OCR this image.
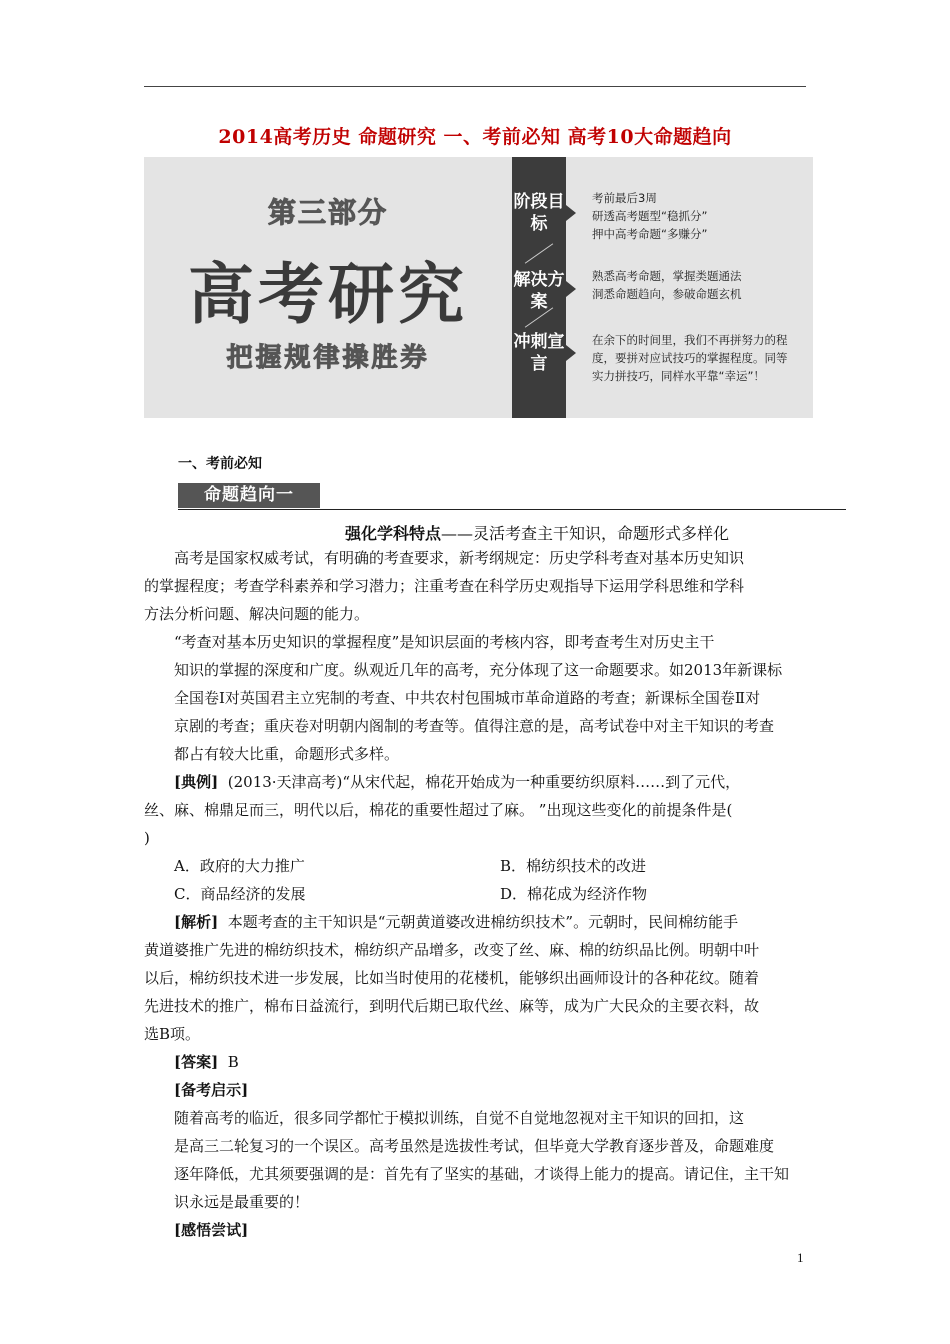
2014高考历史 命题研究 一、考前必知 高考10大命题趋向
第三部分
高考研究
把握规律操胜券
阶段目标
解决方案
冲刺宣言
考前最后3周
研透高考题型“稳抓分”
押中高考命题“多赚分”
熟悉高考命题，掌握类题通法
洞悉命题趋向，参破命题玄机
在余下的时间里，我们不再拼努力的程
度，要拼对应试技巧的掌握程度。同等
实力拼技巧，同样水平靠“幸运”！
一、考前必知
命题趋向一
强化学科特点——灵活考查主干知识，命题形式多样化

高考是国家权威考试，有明确的考查要求，新考纲规定：历史学科考查对基本历史知识
的掌握程度；考查学科素养和学习潜力；注重考查在科学历史观指导下运用学科思维和学科
方法分析问题、解决问题的能力。

“考查对基本历史知识的掌握程度”是知识层面的考核内容，即考查考生对历史主干
知识的掌握的深度和广度。纵观近几年的高考，充分体现了这一命题要求。如2013年新课标
全国卷Ⅰ对英国君主立宪制的考查、中共农村包围城市革命道路的考查；新课标全国卷Ⅱ对
京剧的考查；重庆卷对明朝内阁制的考查等。值得注意的是，高考试卷中对主干知识的考查
都占有较大比重，命题形式多样。

[典例] (2013·天津高考)“从宋代起，棉花开始成为一种重要纺织原料……到了元代，
丝、麻、棉鼎足而三，明代以后，棉花的重要性超过了麻。 ”出现这些变化的前提条件是(
)
A．政府的大力推广	B．棉纺织技术的改进
C．商品经济的发展	D．棉花成为经济作物
[解析] 本题考查的主干知识是“元朝黄道婆改进棉纺织技术”。元朝时，民间棉纺能手
黄道婆推广先进的棉纺织技术，棉纺织产品增多，改变了丝、麻、棉的纺织品比例。明朝中叶
以后，棉纺织技术进一步发展，比如当时使用的花楼机，能够织出画师设计的各种花纹。随着
先进技术的推广，棉布日益流行，到明代后期已取代丝、麻等，成为广大民众的主要衣料，故
选B项。
[答案] B
[备考启示]

随着高考的临近，很多同学都忙于模拟训练，自觉不自觉地忽视对主干知识的回扣，这
是高三二轮复习的一个误区。高考虽然是选拔性考试，但毕竟大学教育逐步普及，命题难度
逐年降低，尤其须要强调的是：首先有了坚实的基础，才谈得上能力的提高。请记住，主干知
识永远是最重要的！

[感悟尝试]
1
